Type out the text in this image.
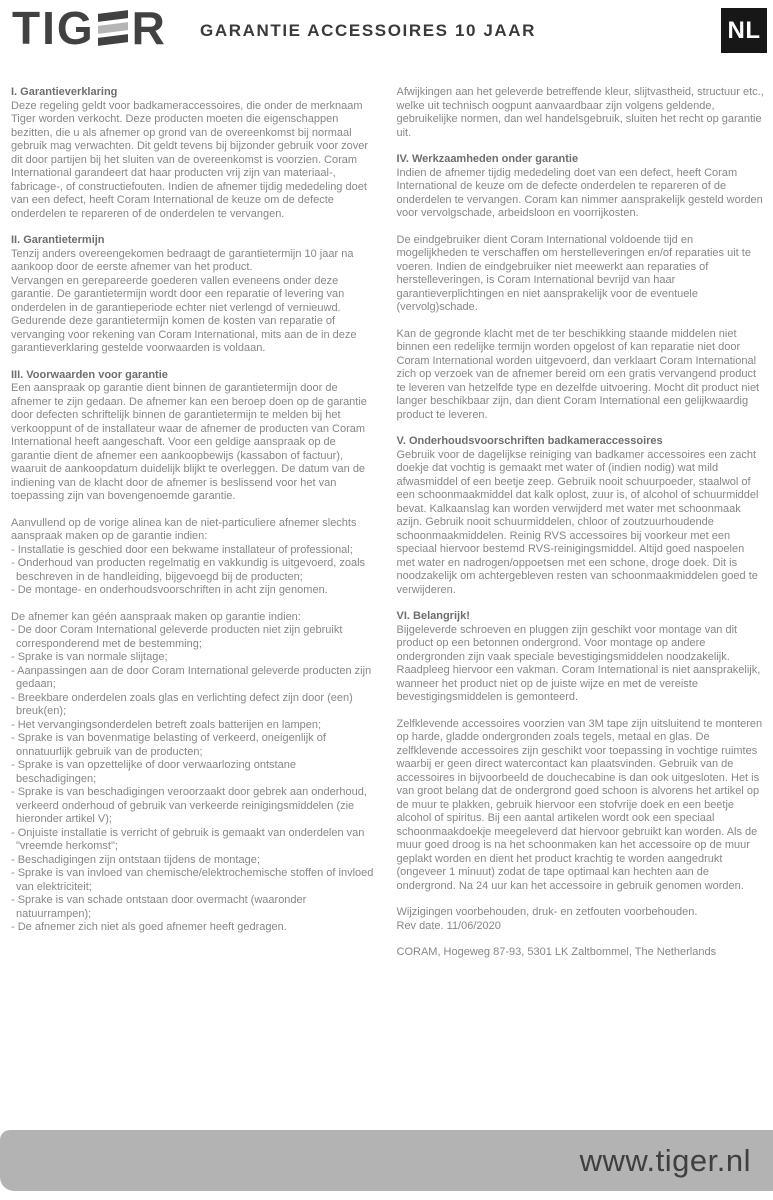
TIG R GARANTIE ACCESSOIRES 10 JAAR	NL
I. Garantieverklaring
Deze regeling geldt voor badkameraccessoires, die onder de merknaam Tiger worden verkocht. Deze producten moeten die eigenschappen bezitten, die u als afnemer op grond van de overeenkomst bij normaal gebruik mag verwachten. Dit geldt tevens bij bijzonder gebruik voor zover dit door partijen bij het sluiten van de overeenkomst is voorzien. Coram International garandeert dat haar producten vrij zijn van materiaal-, fabricage-, of constructiefouten. Indien de afnemer tijdig mededeling doet van een defect, heeft Coram International de keuze om de defecte onderdelen te repareren of de onderdelen te vervangen.
II. Garantietermijn
Tenzij anders overeengekomen bedraagt de garantietermijn 10 jaar na aankoop door de eerste afnemer van het product.
Vervangen en gerepareerde goederen vallen eveneens onder deze garantie. De garantietermijn wordt door een reparatie of levering van onderdelen in de garantieperiode echter niet verlengd of vernieuwd.
Gedurende deze garantietermijn komen de kosten van reparatie of vervanging voor rekening van Coram International, mits aan de in deze garantieverklaring gestelde voorwaarden is voldaan.
III. Voorwaarden voor garantie
Een aanspraak op garantie dient binnen de garantietermijn door de afnemer te zijn gedaan. De afnemer kan een beroep doen op de garantie door defecten schriftelijk binnen de garantietermijn te melden bij het verkooppunt of de installateur waar de afnemer de producten van Coram International heeft aangeschaft. Voor een geldige aanspraak op de garantie dient de afnemer een aankoopbewijs (kassabon of factuur), waaruit de aankoopdatum duidelijk blijkt te overleggen. De datum van de indiening van de klacht door de afnemer is beslissend voor het van toepassing zijn van bovengenoemde garantie.
Aanvullend op de vorige alinea kan de niet-particuliere afnemer slechts aanspraak maken op de garantie indien:
- Installatie is geschied door een bekwame installateur of professional;
- Onderhoud van producten regelmatig en vakkundig is uitgevoerd, zoals beschreven in de handleiding, bijgevoegd bij de producten;
- De montage- en onderhoudsvoorschriften in acht zijn genomen.
De afnemer kan géén aanspraak maken op garantie indien:
- De door Coram International geleverde producten niet zijn gebruikt corresponderend met de bestemming;
- Sprake is van normale slijtage;
- Aanpassingen aan de door Coram International geleverde producten zijn gedaan;
- Breekbare onderdelen zoals glas en verlichting defect zijn door (een) breuk(en);
- Het vervangingsonderdelen betreft zoals batterijen en lampen;
- Sprake is van bovenmatige belasting of verkeerd, oneigenlijk of onnatuurlijk gebruik van de producten;
- Sprake is van opzettelijke of door verwaarlozing ontstane beschadigingen;
- Sprake is van beschadigingen veroorzaakt door gebrek aan onderhoud, verkeerd onderhoud of gebruik van verkeerde reinigingsmiddelen (zie hieronder artikel V);
- Onjuiste installatie is verricht of gebruik is gemaakt van onderdelen van "vreemde herkomst";
- Beschadigingen zijn ontstaan tijdens de montage;
- Sprake is van invloed van chemische/elektrochemische stoffen of invloed van elektriciteit;
- Sprake is van schade ontstaan door overmacht (waaronder natuurrampen);
- De afnemer zich niet als goed afnemer heeft gedragen.
Afwijkingen aan het geleverde betreffende kleur, slijtvastheid, structuur etc., welke uit technisch oogpunt aanvaardbaar zijn volgens geldende, gebruikelijke normen, dan wel handelsgebruik, sluiten het recht op garantie uit.
IV. Werkzaamheden onder garantie
Indien de afnemer tijdig mededeling doet van een defect, heeft Coram International de keuze om de defecte onderdelen te repareren of de onderdelen te vervangen. Coram kan nimmer aansprakelijk gesteld worden voor vervolgschade, arbeidsloon en voorrijkosten.
De eindgebruiker dient Coram International voldoende tijd en mogelijkheden te verschaffen om herstelleveringen en/of reparaties uit te voeren. Indien de eindgebruiker niet meewerkt aan reparaties of herstelleveringen, is Coram International bevrijd van haar garantieverplichtingen en niet aansprakelijk voor de eventuele (vervolg)schade.
Kan de gegronde klacht met de ter beschikking staande middelen niet binnen een redelijke termijn worden opgelost of kan reparatie niet door Coram International worden uitgevoerd, dan verklaart Coram International zich op verzoek van de afnemer bereid om een gratis vervangend product te leveren van hetzelfde type en dezelfde uitvoering. Mocht dit product niet langer beschikbaar zijn, dan dient Coram International een gelijkwaardig product te leveren.
V. Onderhoudsvoorschriften badkameraccessoires
Gebruik voor de dagelijkse reiniging van badkamer accessoires een zacht doekje dat vochtig is gemaakt met water of (indien nodig) wat mild afwasmiddel of een beetje zeep. Gebruik nooit schuurpoeder, staalwol of een schoonmaakmiddel dat kalk oplost, zuur is, of alcohol of schuurmiddel bevat. Kalkaanslag kan worden verwijderd met water met schoonmaak azijn. Gebruik nooit schuurmiddelen, chloor of zoutzuurhoudende schoonmaakmiddelen. Reinig RVS accessoires bij voorkeur met een speciaal hiervoor bestemd RVS-reinigingsmiddel. Altijd goed naspoelen met water en nadrogen/oppoetsen met een schone, droge doek. Dit is noodzakelijk om achtergebleven resten van schoonmaakmiddelen goed te verwijderen.
VI. Belangrijk!
Bijgeleverde schroeven en pluggen zijn geschikt voor montage van dit product op een betonnen ondergrond. Voor montage op andere ondergronden zijn vaak speciale bevestigingsmiddelen noodzakelijk. Raadpleeg hiervoor een vakman. Coram International is niet aansprakelijk, wanneer het product niet op de juiste wijze en met de vereiste bevestigingsmiddelen is gemonteerd.
Zelfklevende accessoires voorzien van 3M tape zijn uitsluitend te monteren op harde, gladde ondergronden zoals tegels, metaal en glas. De zelfklevende accessoires zijn geschikt voor toepassing in vochtige ruimtes waarbij er geen direct watercontact kan plaatsvinden. Gebruik van de accessoires in bijvoorbeeld de douchecabine is dan ook uitgesloten. Het is van groot belang dat de ondergrond goed schoon is alvorens het artikel op de muur te plakken, gebruik hiervoor een stofvrije doek en een beetje alcohol of spiritus. Bij een aantal artikelen wordt ook een speciaal schoonmaakdoekje meegeleverd dat hiervoor gebruikt kan worden. Als de muur goed droog is na het schoonmaken kan het accessoire op de muur geplakt worden en dient het product krachtig te worden aangedrukt (ongeveer 1 minuut) zodat de tape optimaal kan hechten aan de ondergrond. Na 24 uur kan het accessoire in gebruik genomen worden.
Wijzigingen voorbehouden, druk- en zetfouten voorbehouden.
Rev date. 11/06/2020
CORAM, Hogeweg 87-93, 5301 LK Zaltbommel, The Netherlands
www.tiger.nl
